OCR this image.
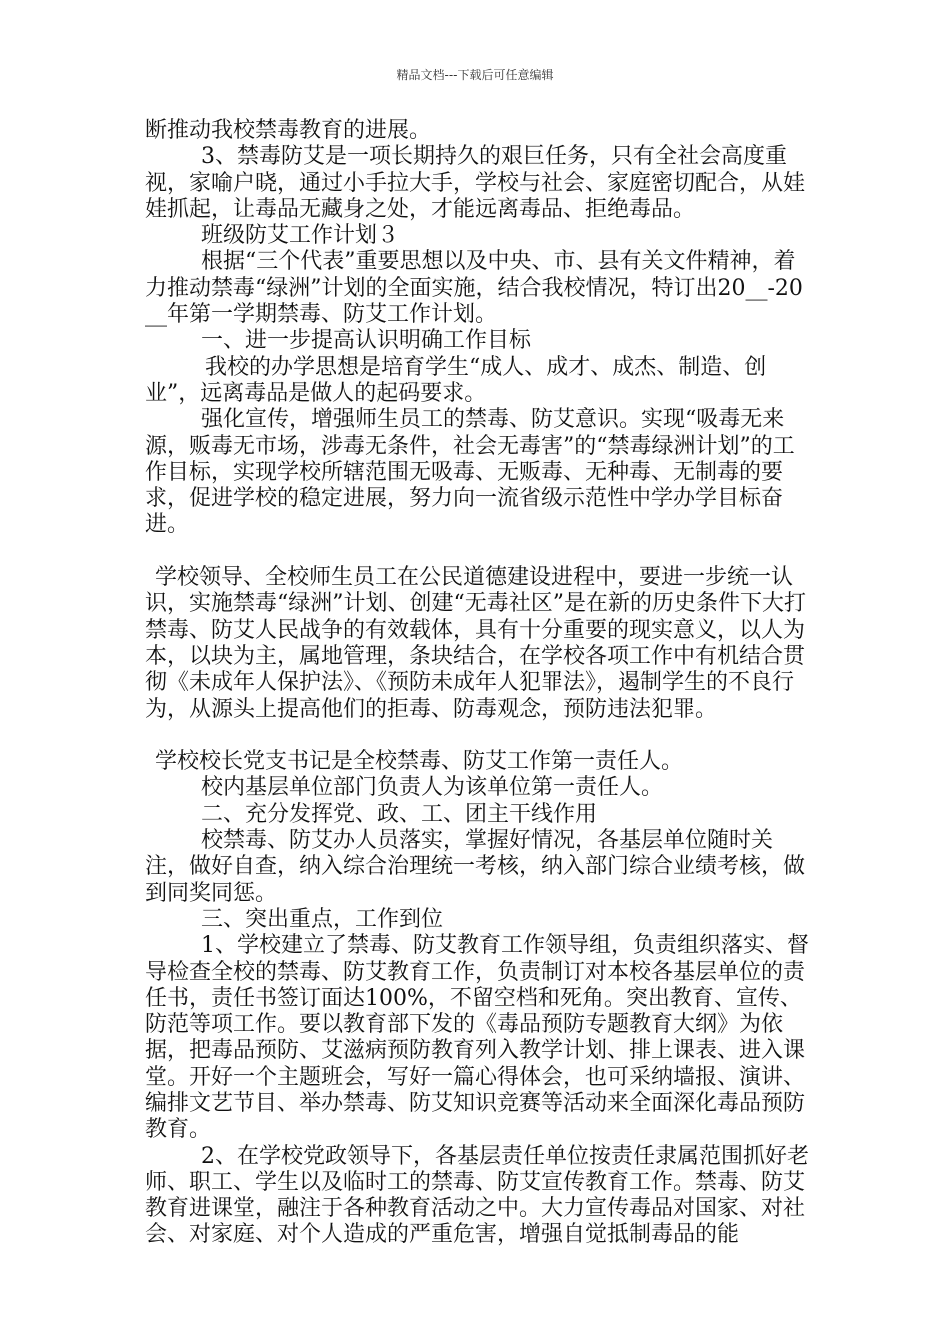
精品文档---下载后可任意编辑

断推动我校禁毒教育的进展。

3、禁毒防艾是一项长期持久的艰巨任务，只有全社会高度重视，家喻户晓，通过小手拉大手，学校与社会、家庭密切配合，从娃娃抓起，让毒品无藏身之处，才能远离毒品、拒绝毒品。

班级防艾工作计划３

根据“三个代表”重要思想以及中央、市、县有关文件精神，着力推动禁毒“绿洲”计划的全面实施，结合我校情况，特订出20__-20__年第一学期禁毒、防艾工作计划。

一、进一步提高认识明确工作目标

我校的办学思想是培育学生“成人、成才、成杰、制造、创业”，远离毒品是做人的起码要求。

强化宣传，增强师生员工的禁毒、防艾意识。实现“吸毒无来源，贩毒无市场，涉毒无条件，社会无毒害”的“禁毒绿洲计划”的工作目标，实现学校所辖范围无吸毒、无贩毒、无种毒、无制毒的要求，促进学校的稳定进展，努力向一流省级示范性中学办学目标奋进。

学校领导、全校师生员工在公民道德建设进程中，要进一步统一认识，实施禁毒“绿洲”计划、创建“无毒社区”是在新的历史条件下大打禁毒、防艾人民战争的有效载体，具有十分重要的现实意义，以人为本，以块为主，属地管理，条块结合，在学校各项工作中有机结合贯彻《未成年人保护法》、《预防未成年人犯罪法》，遏制学生的不良行为，从源头上提高他们的拒毒、防毒观念，预防违法犯罪。

学校校长党支书记是全校禁毒、防艾工作第一责任人。

校内基层单位部门负责人为该单位第一责任人。

二、充分发挥党、政、工、团主干线作用

校禁毒、防艾办人员落实，掌握好情况，各基层单位随时关注，做好自查，纳入综合治理统一考核，纳入部门综合业绩考核，做到同奖同惩。

三、突出重点，工作到位

1、学校建立了禁毒、防艾教育工作领导组，负责组织落实、督导检查全校的禁毒、防艾教育工作，负责制订对本校各基层单位的责任书，责任书签订面达100%，不留空档和死角。突出教育、宣传、防范等项工作。要以教育部下发的《毒品预防专题教育大纲》为依据，把毒品预防、艾滋病预防教育列入教学计划、排上课表、进入课堂。开好一个主题班会，写好一篇心得体会，也可采纳墙报、演讲、编排文艺节目、举办禁毒、防艾知识竞赛等活动来全面深化毒品预防教育。

2、在学校党政领导下，各基层责任单位按责任隶属范围抓好老师、职工、学生以及临时工的禁毒、防艾宣传教育工作。禁毒、防艾教育进课堂，融注于各种教育活动之中。大力宣传毒品对国家、对社会、对家庭、对个人造成的严重危害，增强自觉抵制毒品的能
